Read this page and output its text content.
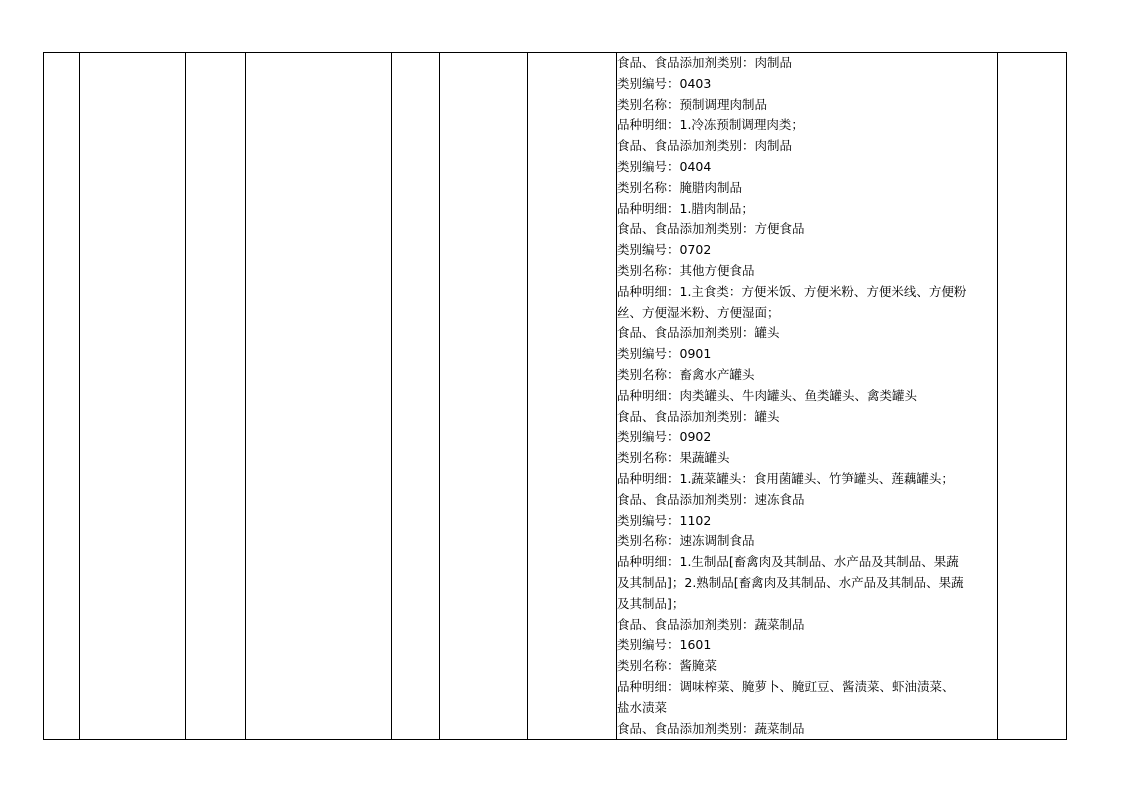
食品、食品添加剂类别：肉制品
类别编号：0403
类别名称：预制调理肉制品
品种明细：1.冷冻预制调理肉类；
食品、食品添加剂类别：肉制品
类别编号：0404
类别名称：腌腊肉制品
品种明细：1.腊肉制品；
食品、食品添加剂类别：方便食品
类别编号：0702
类别名称：其他方便食品
品种明细：1.主食类：方便米饭、方便米粉、方便米线、方便粉
丝、方便湿米粉、方便湿面；
食品、食品添加剂类别：罐头
类别编号：0901
类别名称：畜禽水产罐头
品种明细：肉类罐头、牛肉罐头、鱼类罐头、禽类罐头
食品、食品添加剂类别：罐头
类别编号：0902
类别名称：果蔬罐头
品种明细：1.蔬菜罐头：食用菌罐头、竹笋罐头、莲藕罐头；
食品、食品添加剂类别：速冻食品
类别编号：1102
类别名称：速冻调制食品
品种明细：1.生制品[畜禽肉及其制品、水产品及其制品、果蔬
及其制品]；2.熟制品[畜禽肉及其制品、水产品及其制品、果蔬
及其制品]；
食品、食品添加剂类别：蔬菜制品
类别编号：1601
类别名称：酱腌菜
品种明细：调味榨菜、腌萝卜、腌豇豆、酱渍菜、虾油渍菜、
盐水渍菜
食品、食品添加剂类别：蔬菜制品
